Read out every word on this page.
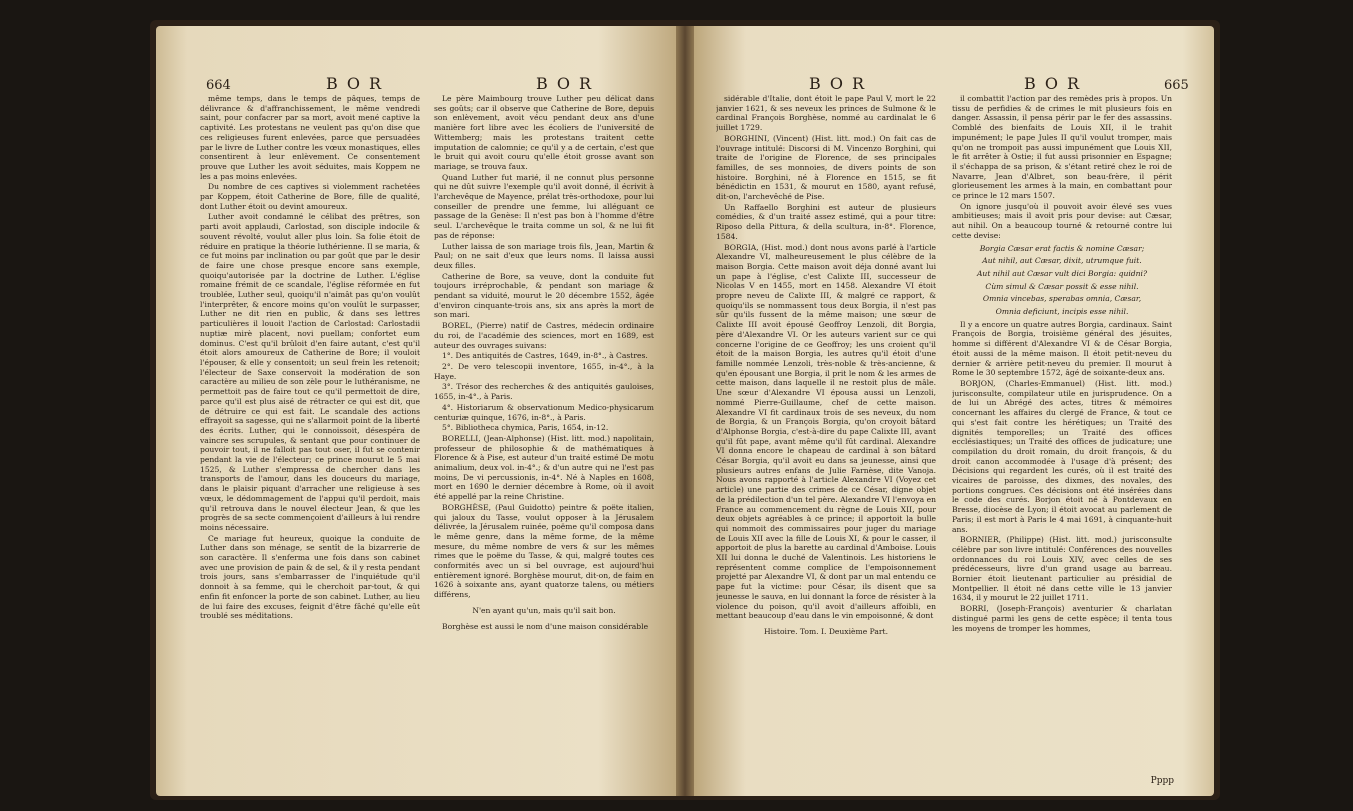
664	B O R	B O R

même temps, dans le temps de pâques, temps de délivrance & d'affranchissement, le même vendredi saint, pour confacrer par sa mort, avoit mené captive la captivité. Les protestans ne veulent pas qu'on dise que ces religieuses furent enlevées, parce que persuadées par le livre de Luther contre les vœux monastiques, elles consentirent à leur enlèvement. Ce consentement prouve que Luther les avoit séduites, mais Koppem ne les a pas moins enlevées.

Du nombre de ces captives si violemment rachetées par Koppem, étoit Catherine de Bore, fille de qualité, dont Luther étoit ou devint amoureux.

Luther avoit condamné le célibat des prêtres, son parti avoit applaudi, Carlostad, son disciple indocile & souvent révolté, voulut aller plus loin. Sa folie étoit de réduire en pratique la théorie luthérienne. Il se maria, & ce fut moins par inclination ou par goût que par le desir de faire une chose presque encore sans exemple, quoiqu'autorisée par la doctrine de Luther. L'église romaine frémit de ce scandale, l'église réformée en fut troublée, Luther seul, quoiqu'il n'aimât pas qu'on voulût l'interprêter, & encore moins qu'on voulût le surpasser, Luther ne dit rien en public, & dans ses lettres particulières il louoit l'action de Carlostad: Carlostadii nuptiæ mirè placent, novi puellam; confortet eum dominus. C'est qu'il brûloit d'en faire autant, c'est qu'il étoit alors amoureux de Catherine de Bore; il vouloit l'épouser, & elle y consentoit; un seul frein les retenoit; l'électeur de Saxe conservoit la modération de son caractère au milieu de son zèle pour le luthéranisme, ne permettoit pas de faire tout ce qu'il permettoit de dire, parce qu'il est plus aisé de rétracter ce qui est dit, que de détruire ce qui est fait. Le scandale des actions effrayoit sa sagesse, qui ne s'allarmoit point de la liberté des écrits. Luther, qui le connoissoit, désespéra de vaincre ses scrupules, & sentant que pour continuer de pouvoir tout, il ne falloit pas tout oser, il fut se contenir pendant la vie de l'électeur; ce prince mourut le 5 mai 1525, & Luther s'empressa de chercher dans les transports de l'amour, dans les douceurs du mariage, dans le plaisir piquant d'arracher une religieuse à ses vœux, le dédommagement de l'appui qu'il perdoit, mais qu'il retrouva dans le nouvel électeur Jean, & que les progrès de sa secte commençoient d'ailleurs à lui rendre moins nécessaire.

Ce mariage fut heureux, quoique la conduite de Luther dans son ménage, se sentît de la bizarrerie de son caractère. Il s'enferma une fois dans son cabinet avec une provision de pain & de sel, & il y resta pendant trois jours, sans s'embarrasser de l'inquiétude qu'il donnoit à sa femme, qui le cherchoit par-tout, & qui enfin fit enfoncer la porte de son cabinet. Luther, au lieu de lui faire des excuses, feignit d'être fâché qu'elle eût troublé ses méditations.

Le père Maimbourg trouve Luther peu délicat dans ses goûts; car il observe que Catherine de Bore, depuis son enlèvement, avoit vécu pendant deux ans d'une manière fort libre avec les écoliers de l'université de Wittemberg; mais les protestans traitent cette imputation de calomnie; ce qu'il y a de certain, c'est que le bruit qui avoit couru qu'elle étoit grosse avant son mariage, se trouva faux.

Quand Luther fut marié, il ne connut plus personne qui ne dût suivre l'exemple qu'il avoit donné, il écrivit à l'archevêque de Mayence, prélat très-orthodoxe, pour lui conseiller de prendre une femme, lui alléguant ce passage de la Genèse: Il n'est pas bon à l'homme d'être seul. L'archevêque le traita comme un sol, & ne lui fit pas de réponse:

Luther laissa de son mariage trois fils, Jean, Martin & Paul; on ne sait d'eux que leurs noms. Il laissa aussi deux filles.

Catherine de Bore, sa veuve, dont la conduite fut toujours irréprochable, & pendant son mariage & pendant sa viduité, mourut le 20 décembre 1552, âgée d'environ cinquante-trois ans, six ans après la mort de son mari.

BOREL, (Pierre) natif de Castres, médecin ordinaire du roi, de l'académie des sciences, mort en 1689, est auteur des ouvrages suivans:

1°. Des antiquités de Castres, 1649, in-8°., à Castres.

2°. De vero telescopii inventore, 1655, in-4°., à la Haye.

3°. Trésor des recherches & des antiquités gauloises, 1655, in-4°., à Paris.

4°. Historiarum & observationum Medico-physicarum centuriæ quinque, 1676, in-8°., à Paris.

5°. Bibliotheca chymica, Paris, 1654, in-12.

BORELLI, (Jean-Alphonse) (Hist. litt. mod.) napolitain, professeur de philosophie & de mathématiques à Florence & à Pise, est auteur d'un traité estimé De motu animalium, deux vol. in-4°.; & d'un autre qui ne l'est pas moins, De vi percussionis, in-4°. Né à Naples en 1608, mort en 1690 le dernier décembre à Rome, où il avoit été appellé par la reine Christine.

BORGHÈSE, (Paul Guidotto) peintre & poëte italien, qui jaloux du Tasse, voulut opposer à la Jérusalem délivrée, la Jérusalem ruinée, poëme qu'il composa dans le même genre, dans la même forme, de la même mesure, du même nombre de vers & sur les mêmes rimes que le poëme du Tasse, & qui, malgré toutes ces conformités avec un si bel ouvrage, est aujourd'hui entièrement ignoré. Borghèse mourut, dit-on, de faim en 1626 à soixante ans, ayant quatorze talens, ou métiers différens,

N'en ayant qu'un, mais qu'il sait bon.

Borghèse est aussi le nom d'une maison considérable

B O R	B O R	665

sidérable d'Italie, dont étoit le pape Paul V, mort le 22 janvier 1621, & ses neveux les princes de Sulmone & le cardinal François Borghèse, nommé au cardinalat le 6 juillet 1729.

BORGHINI, (Vincent) (Hist. litt. mod.) On fait cas de l'ouvrage intitulé: Discorsi di M. Vincenzo Borghini, qui traite de l'origine de Florence, de ses principales familles, de ses monnoies, de divers points de son histoire. Borghini, né à Florence en 1515, se fit bénédictin en 1531, & mourut en 1580, ayant refusé, dit-on, l'archevêché de Pise.

Un Raffaello Borghini est auteur de plusieurs comédies, & d'un traité assez estimé, qui a pour titre: Riposo della Pittura, & della scultura, in-8°. Florence, 1584.

BORGIA, (Hist. mod.) dont nous avons parlé à l'article Alexandre VI, malheureusement le plus célèbre de la maison Borgia. Cette maison avoit déja donné avant lui un pape à l'église, c'est Calixte III, successeur de Nicolas V en 1455, mort en 1458. Alexandre VI étoit propre neveu de Calixte III, & malgré ce rapport, & quoiqu'ils se nommassent tous deux Borgia, il n'est pas sûr qu'ils fussent de la même maison; une sœur de Calixte III avoit épousé Geoffroy Lenzoli, dit Borgia, père d'Alexandre VI. Or les auteurs varient sur ce qui concerne l'origine de ce Geoffroy; les uns croient qu'il étoit de la maison Borgia, les autres qu'il étoit d'une famille nommée Lenzoli, très-noble & très-ancienne, & qu'en épousant une Borgia, il prit le nom & les armes de cette maison, dans laquelle il ne restoit plus de mâle. Une sœur d'Alexandre VI épousa aussi un Lenzoli, nommé Pierre-Guillaume, chef de cette maison. Alexandre VI fit cardinaux trois de ses neveux, du nom de Borgia, & un François Borgia, qu'on croyoit bâtard d'Alphonse Borgia, c'est-à-dire du pape Calixte III, avant qu'il fût pape, avant même qu'il fût cardinal. Alexandre VI donna encore le chapeau de cardinal à son bâtard César Borgia, qu'il avoit eu dans sa jeunesse, ainsi que plusieurs autres enfans de Julie Farnèse, dite Vanoja. Nous avons rapporté à l'article Alexandre VI (Voyez cet article) une partie des crimes de ce César, digne objet de la prédilection d'un tel père. Alexandre VI l'envoya en France au commencement du règne de Louis XII, pour deux objets agréables à ce prince; il apportoit la bulle qui nommoit des commissaires pour juger du mariage de Louis XII avec la fille de Louis XI, & pour le casser, il apportoit de plus la barette au cardinal d'Amboise. Louis XII lui donna le duché de Valentinois. Les historiens le représentent comme complice de l'empoisonnement projetté par Alexandre VI, & dont par un mal entendu ce pape fut la victime: pour César, ils disent que sa jeunesse le sauva, en lui donnant la force de résister à la violence du poison, qu'il avoit d'ailleurs affoibli, en mettant beaucoup d'eau dans le vin empoisonné, & dont

Histoire. Tom. I. Deuxième Part.

il combattit l'action par des remèdes pris à propos. Un tissu de perfidies & de crimes le mit plusieurs fois en danger. Assassin, il pensa périr par le fer des assassins. Comblé des bienfaits de Louis XII, il le trahit impunément; le pape Jules II qu'il voulut tromper, mais qu'on ne trompoit pas aussi impunément que Louis XII, le fit arrêter à Ostie; il fut aussi prisonnier en Espagne; il s'échappa de sa prison, & s'étant retiré chez le roi de Navarre, Jean d'Albret, son beau-frère, il périt glorieusement les armes à la main, en combattant pour ce prince le 12 mars 1507.

On ignore jusqu'où il pouvoit avoir élevé ses vues ambitieuses; mais il avoit pris pour devise: aut Cæsar, aut nihil. On a beaucoup tourné & retourné contre lui cette devise:

Borgia Cæsar erat factis & nomine Cæsar;

Aut nihil, aut Cæsar, dixit, utrumque fuit.

Aut nihil aut Cæsar vult dici Borgia: quidni?

Cùm simul & Cæsar possit & esse nihil.

Omnia vincebas, sperabas omnia, Cæsar,

Omnia deficiunt, incipis esse nihil.

Il y a encore un quatre autres Borgia, cardinaux. Saint François de Borgia, troisième général des jésuites, homme si différent d'Alexandre VI & de César Borgia, étoit aussi de la même maison. Il étoit petit-neveu du dernier & arrière petit-neveu du premier. Il mourut à Rome le 30 septembre 1572, âgé de soixante-deux ans.

BORJON, (Charles-Emmanuel) (Hist. litt. mod.) jurisconsulte, compilateur utile en jurisprudence. On a de lui un Abrégé des actes, titres & mémoires concernant les affaires du clergé de France, & tout ce qui s'est fait contre les hérétiques; un Traité des dignités temporelles; un Traité des offices ecclésiastiques; un Traité des offices de judicature; une compilation du droit romain, du droit françois, & du droit canon accommodée à l'usage d'à présent; des Décisions qui regardent les curés, où il est traité des vicaires de paroisse, des dixmes, des novales, des portions congrues. Ces décisions ont été insérées dans le code des curés. Borjon étoit né à Pontdevaux en Bresse, diocèse de Lyon; il étoit avocat au parlement de Paris; il est mort à Paris le 4 mai 1691, à cinquante-huit ans.

BORNIER, (Philippe) (Hist. litt. mod.) jurisconsulte célèbre par son livre intitulé: Conférences des nouvelles ordonnances du roi Louis XIV, avec celles de ses prédécesseurs, livre d'un grand usage au barreau. Bornier étoit lieutenant particulier au présidial de Montpellier. Il étoit né dans cette ville le 13 janvier 1634, il y mourut le 22 juillet 1711.

BORRI, (Joseph-François) aventurier & charlatan distingué parmi les gens de cette espèce; il tenta tous les moyens de tromper les hommes,

Pppp
